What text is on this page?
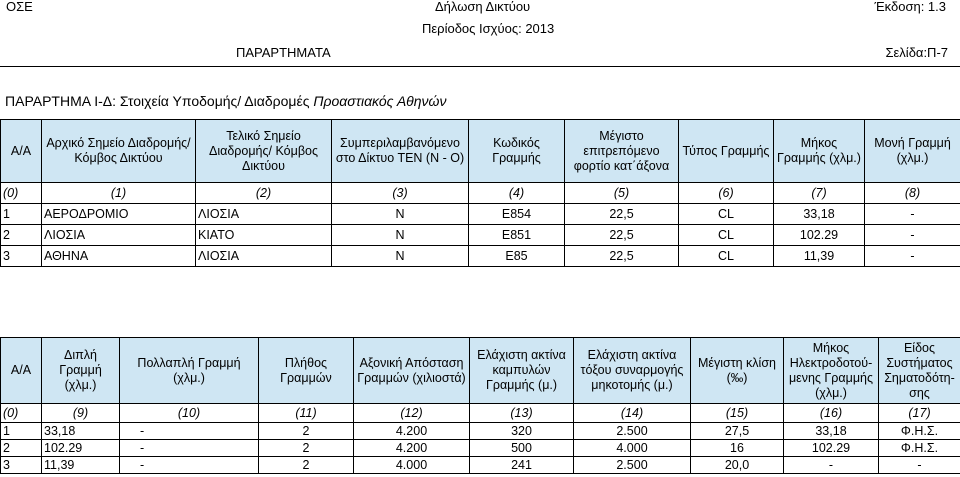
ΟΣΕ	Δήλωση Δικτύου	Έκδοση: 1.3
Περίοδος Ισχύος: 2013
ΠΑΡΑΡΤΗΜΑΤΑ	Σελίδα:Π-7
ΠΑΡΑΡΤΗΜΑ Ι-Δ: Στοιχεία Υποδομής/ Διαδρομές Προαστιακός Αθηνών
Α/Α	Αρχικό Σημείο Διαδρομής/ Κόμβος Δικτύου	Τελικό Σημείο Διαδρομής/ Κόμβος Δικτύου	Συμπεριλαμβανόμενο στο Δίκτυο ΤΕΝ (Ν - Ο)	Κωδικός Γραμμής	Μέγιστο επιτρεπόμενο φορτίο κατ΄άξονα	Τύπος Γραμμής	Μήκος Γραμμής (χλμ.)	Μονή Γραμμή (χλμ.)
(0)	(1)	(2)	(3)	(4)	(5)	(6)	(7)	(8)
1	ΑΕΡΟΔΡΟΜΙΟ	ΛΙΟΣΙΑ	Ν	Ε854	22,5	CL	33,18	-
2	ΛΙΟΣΙΑ	ΚΙΑΤΟ	Ν	Ε851	22,5	CL	102.29	-
3	ΑΘΗΝΑ	ΛΙΟΣΙΑ	Ν	Ε85	22,5	CL	11,39	-
Α/Α	Διπλή Γραμμή (χλμ.)	Πολλαπλή Γραμμή (χλμ.)	Πλήθος Γραμμών	Αξονική Απόσταση Γραμμών (χιλιοστά)	Ελάχιστη ακτίνα καμπυλών Γραμμής (μ.)	Ελάχιστη ακτίνα τόξου συναρμογής μηκοτομής (μ.)	Μέγιστη κλίση (‰)	Μήκος Ηλεκτροδοτού-μενης Γραμμής (χλμ.)	Είδος Συστήματος Σηματοδότη-σης
(0)	(9)	(10)	(11)	(12)	(13)	(14)	(15)	(16)	(17)
1	33,18	-	2	4.200	320	2.500	27,5	33,18	Φ.Η.Σ.
2	102.29	-	2	4.200	500	4.000	16	102.29	Φ.Η.Σ.
3	11,39	-	2	4.000	241	2.500	20,0	-	-
